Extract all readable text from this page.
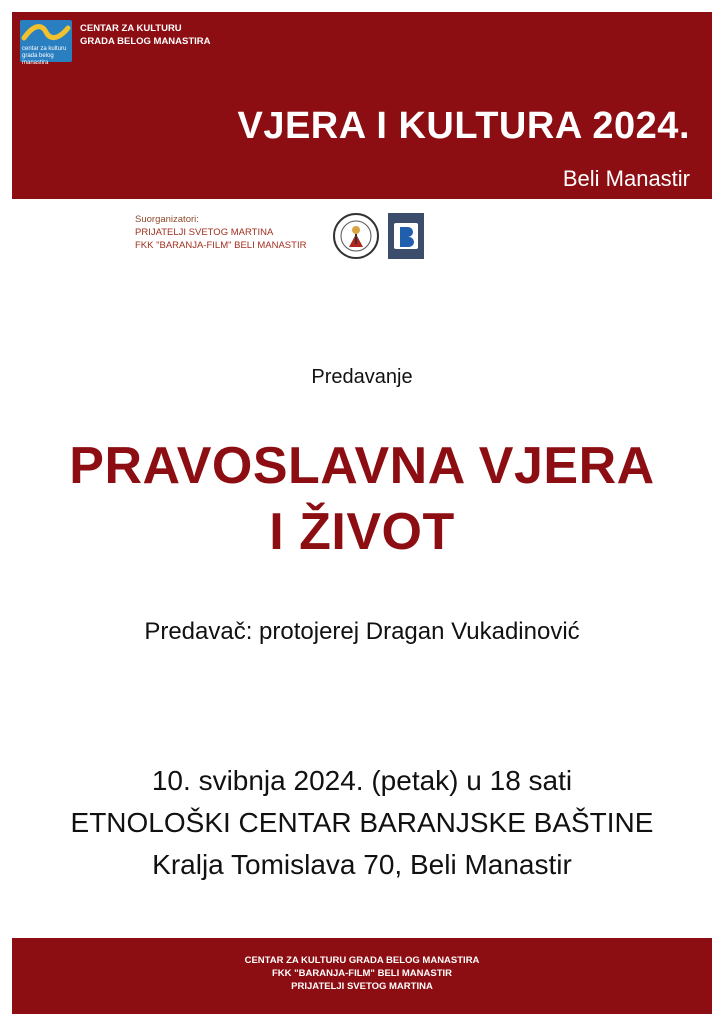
centar za kulturu
grada belog manastira
CENTAR ZA KULTURU
GRADA BELOG MANASTIRA
VJERA I KULTURA 2024.
Beli Manastir
Suorganizatori:
PRIJATELJI SVETOG MARTINA
FKK "BARANJA-FILM" BELI MANASTIR
Predavanje
PRAVOSLAVNA VJERA
I ŽIVOT
Predavač: protojerej Dragan Vukadinović
10. svibnja 2024. (petak) u 18 sati
ETNOLOŠKI CENTAR BARANJSKE BAŠTINE
Kralja Tomislava 70, Beli Manastir
CENTAR ZA KULTURU GRADA BELOG MANASTIRA
FKK "BARANJA-FILM" BELI MANASTIR
PRIJATELJI SVETOG MARTINA
